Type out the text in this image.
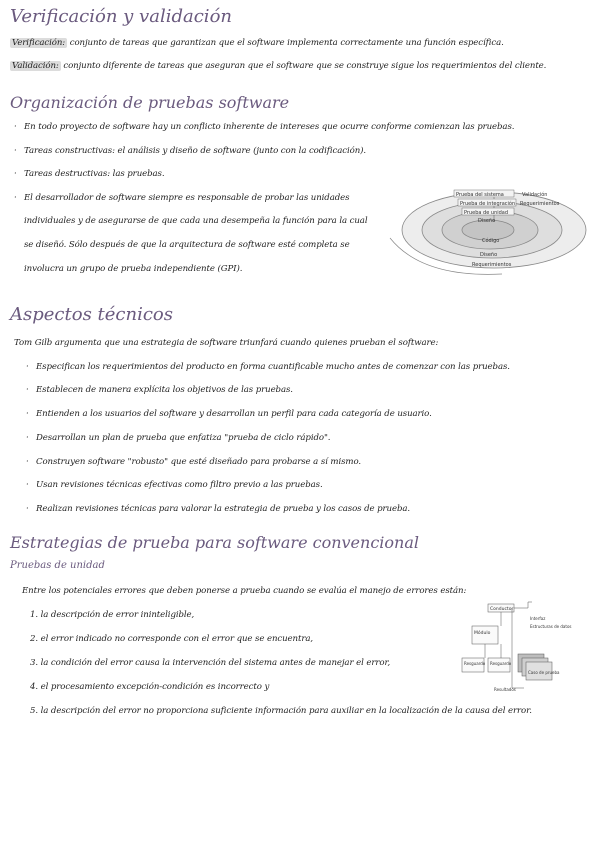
Verificación y validación
Verificación: conjunto de tareas que garantizan que el software implementa correctamente una función específica.
Validación: conjunto diferente de tareas que aseguran que el software que se construye sigue los requerimientos del cliente.
Organización de pruebas software
· En todo proyecto de software hay un conflicto inherente de intereses que ocurre conforme comienzan las pruebas.
· Tareas constructivas: el análisis y diseño de software (junto con la codificación).
· Tareas destructivas: las pruebas.
· El desarrollador de software siempre es responsable de probar las unidades
individuales y de asegurarse de que cada una desempeña la función para la cual
se diseñó. Sólo después de que la arquitectura de software esté completa se
involucra un grupo de prueba independiente (GPI).
Prueba del sistema	Validación
Prueba de integración Requerimientos
Prueba de unidad
Diseño
Código
Diseño
Requerimientos
Aspectos técnicos
Tom Gilb argumenta que una estrategia de software triunfará cuando quienes prueban el software:
· Especifican los requerimientos del producto en forma cuantificable mucho antes de comenzar con las pruebas.
· Establecen de manera explícita los objetivos de las pruebas.
· Entienden a los usuarios del software y desarrollan un perfil para cada categoría de usuario.
· Desarrollan un plan de prueba que enfatiza "prueba de ciclo rápido".
· Construyen software "robusto" que esté diseñado para probarse a sí mismo.
· Usan revisiones técnicas efectivas como filtro previo a las pruebas.
· Realizan revisiones técnicas para valorar la estrategia de prueba y los casos de prueba.
Estrategias de prueba para software convencional
Pruebas de unidad
Entre los potenciales errores que deben ponerse a prueba cuando se evalúa el manejo de errores están:
1. la descripción de error ininteligible,
2. el error indicado no corresponde con el error que se encuentra,
3. la condición del error causa la intervención del sistema antes de manejar el error,
4. el procesamiento excepción-condición es incorrecto y
5. la descripción del error no proporciona suficiente información para auxiliar en la localización de la causa del error.
Conductor
Módulo
Interfaz
Estructuras de datos
Resguardo Resguardo
Caso de prueba
Resultados
